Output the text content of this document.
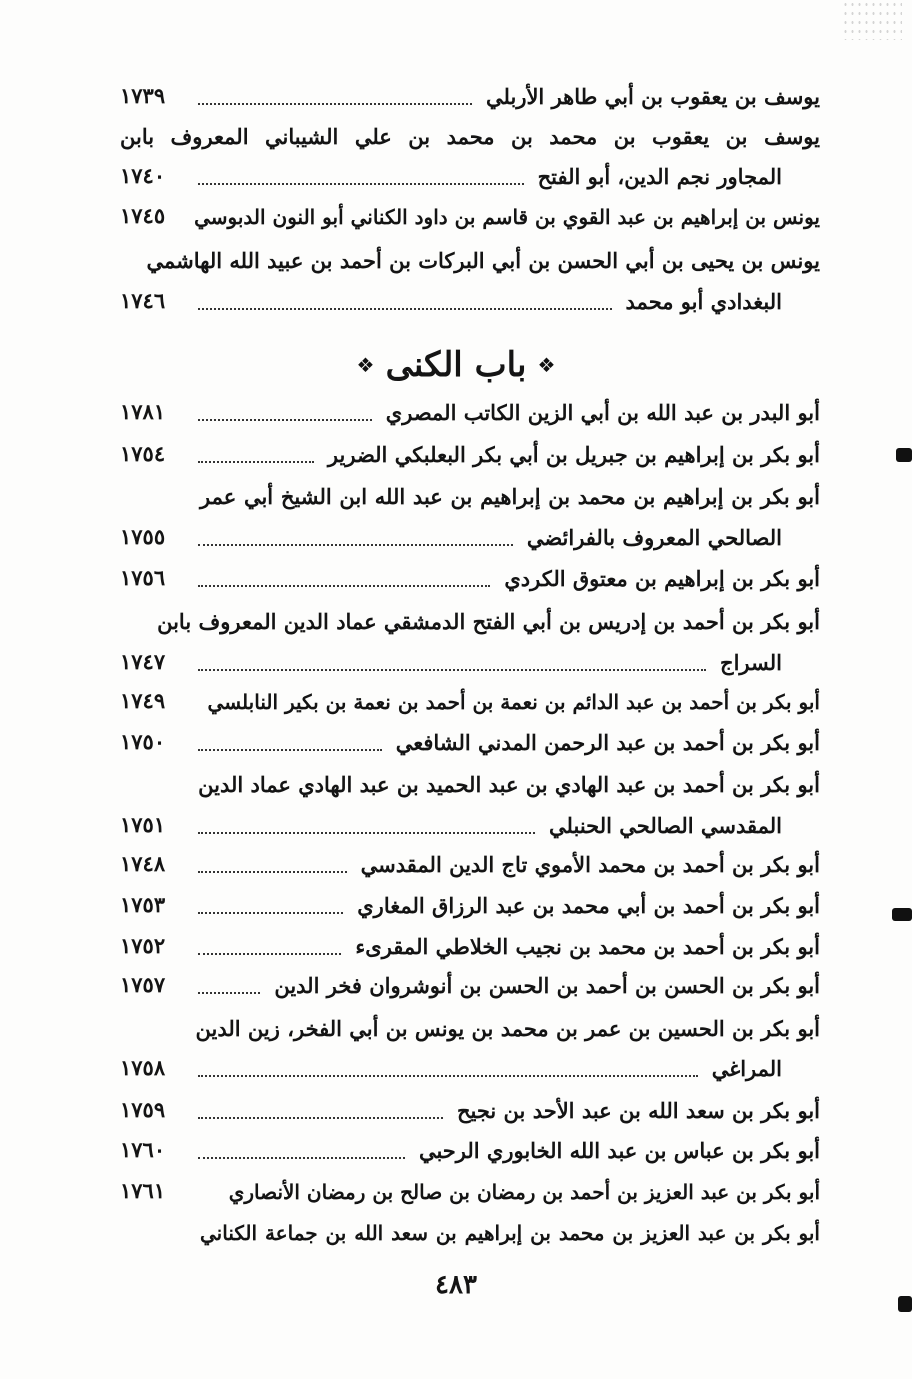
يوسف بن يعقوب بن أبي طاهر الأربلي
١٧٣٩
يوسف بن يعقوب بن محمد بن محمد بن علي الشيباني المعروف بابن
المجاور نجم الدين، أبو الفتح
١٧٤٠
يونس بن إبراهيم بن عبد القوي بن قاسم بن داود الكناني أبو النون الدبوسي
١٧٤٥
يونس بن يحيى بن أبي الحسن بن أبي البركات بن أحمد بن عبيد الله الهاشمي
البغدادي أبو محمد
١٧٤٦
❖ باب الكنى ❖
أبو البدر بن عبد الله بن أبي الزين الكاتب المصري
١٧٨١
أبو بكر بن إبراهيم بن جبريل بن أبي بكر البعلبكي الضرير
١٧٥٤
أبو بكر بن إبراهيم بن محمد بن إبراهيم بن عبد الله ابن الشيخ أبي عمر
الصالحي المعروف بالفرائضي
١٧٥٥
أبو بكر بن إبراهيم بن معتوق الكردي
١٧٥٦
أبو بكر بن أحمد بن إدريس بن أبي الفتح الدمشقي عماد الدين المعروف بابن
السراج
١٧٤٧
أبو بكر بن أحمد بن عبد الدائم بن نعمة بن أحمد بن نعمة بن بكير النابلسي
١٧٤٩
أبو بكر بن أحمد بن عبد الرحمن المدني الشافعي
١٧٥٠
أبو بكر بن أحمد بن عبد الهادي بن عبد الحميد بن عبد الهادي عماد الدين
المقدسي الصالحي الحنبلي
١٧٥١
أبو بكر بن أحمد بن محمد الأموي تاج الدين المقدسي
١٧٤٨
أبو بكر بن أحمد بن أبي محمد بن عبد الرزاق المغاري
١٧٥٣
أبو بكر بن أحمد بن محمد بن نجيب الخلاطي المقرىء
١٧٥٢
أبو بكر بن الحسن بن أحمد بن الحسن بن أنوشروان فخر الدين
١٧٥٧
أبو بكر بن الحسين بن عمر بن محمد بن يونس بن أبي الفخر، زين الدين
المراغي
١٧٥٨
أبو بكر بن سعد الله بن عبد الأحد بن نجيح
١٧٥٩
أبو بكر بن عباس بن عبد الله الخابوري الرحبي
١٧٦٠
أبو بكر بن عبد العزيز بن أحمد بن رمضان بن صالح بن رمضان الأنصاري
١٧٦١
أبو بكر بن عبد العزيز بن محمد بن إبراهيم بن سعد الله بن جماعة الكناني
٤٨٣
